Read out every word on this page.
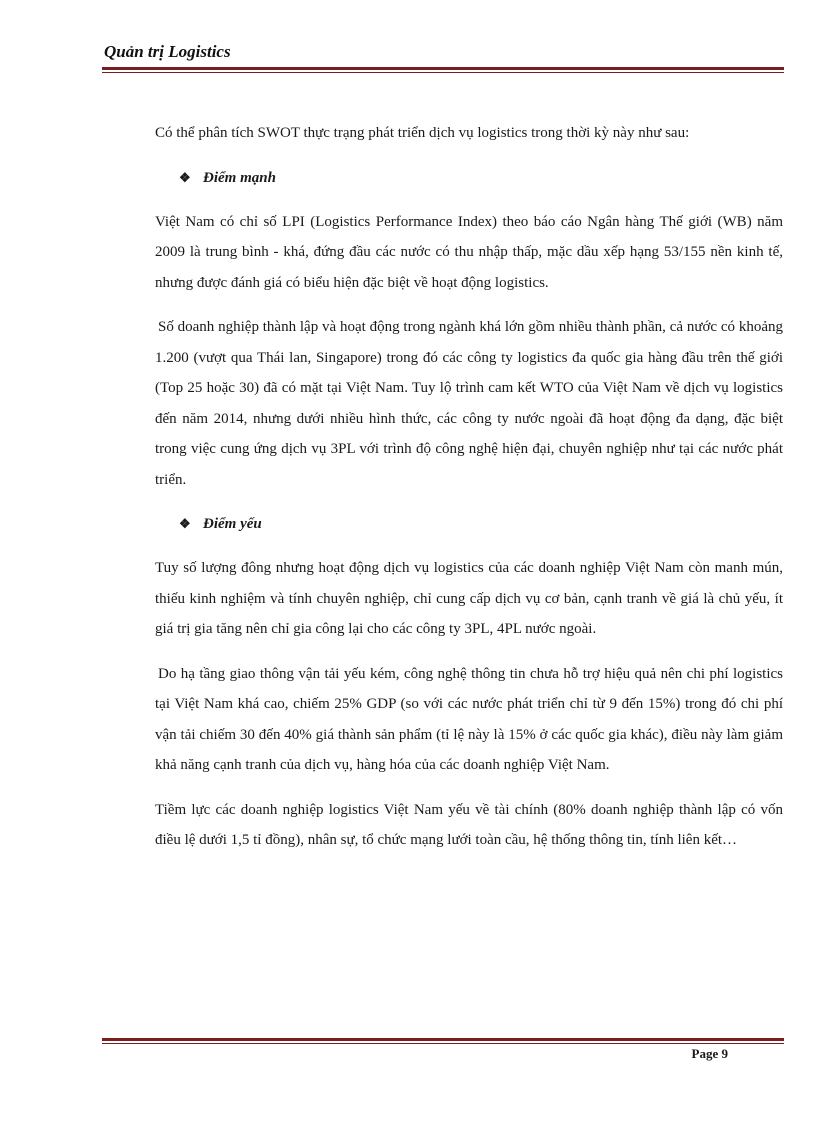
Quản trị Logistics

Có thể phân tích SWOT thực trạng phát triển dịch vụ logistics trong thời kỳ này như sau:

❖ Điểm mạnh

Việt Nam có chỉ số LPI (Logistics Performance Index) theo báo cáo Ngân hàng Thế giới (WB) năm 2009 là trung bình - khá, đứng đầu các nước có thu nhập thấp, mặc dầu xếp hạng 53/155 nền kinh tế, nhưng được đánh giá có biểu hiện đặc biệt về hoạt động logistics.

Số doanh nghiệp thành lập và hoạt động trong ngành khá lớn gồm nhiều thành phần, cả nước có khoảng 1.200 (vượt qua Thái lan, Singapore) trong đó các công ty logistics đa quốc gia hàng đầu trên thế giới (Top 25 hoặc 30) đã có mặt tại Việt Nam. Tuy lộ trình cam kết WTO của Việt Nam về dịch vụ logistics đến năm 2014, nhưng dưới nhiều hình thức, các công ty nước ngoài đã hoạt động đa dạng, đặc biệt trong việc cung ứng dịch vụ 3PL với trình độ công nghệ hiện đại, chuyên nghiệp như tại các nước phát triển.

❖ Điểm yếu

Tuy số lượng đông nhưng hoạt động dịch vụ logistics của các doanh nghiệp Việt Nam còn manh mún, thiếu kinh nghiệm và tính chuyên nghiệp, chỉ cung cấp dịch vụ cơ bản, cạnh tranh về giá là chủ yếu, ít giá trị gia tăng nên chỉ gia công lại cho các công ty 3PL, 4PL nước ngoài.

Do hạ tầng giao thông vận tải yếu kém, công nghệ thông tin chưa hỗ trợ hiệu quả nên chi phí logistics tại Việt Nam khá cao, chiếm 25% GDP (so với các nước phát triển chỉ từ 9 đến 15%) trong đó chi phí vận tải chiếm 30 đến 40% giá thành sản phẩm (tỉ lệ này là 15% ở các quốc gia khác), điều này làm giảm khả năng cạnh tranh của dịch vụ, hàng hóa của các doanh nghiệp Việt Nam.

Tiềm lực các doanh nghiệp logistics Việt Nam yếu về tài chính (80% doanh nghiệp thành lập có vốn điều lệ dưới 1,5 tỉ đồng), nhân sự, tổ chức mạng lưới toàn cầu, hệ thống thông tin, tính liên kết…

Page 9
